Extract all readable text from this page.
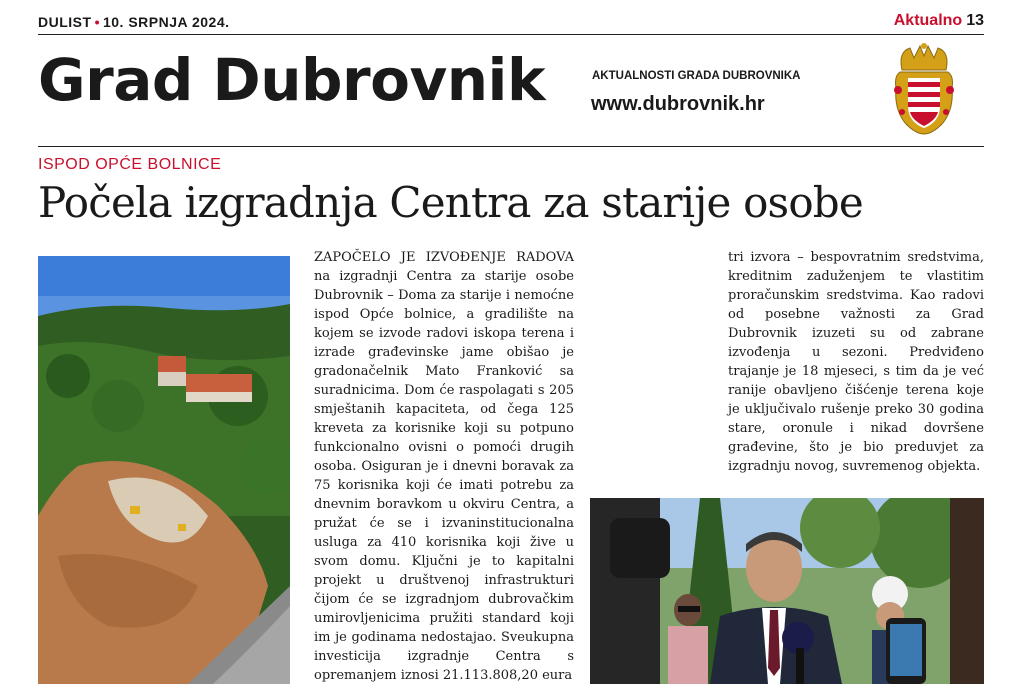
DULIST • 10. SRPNJA 2024.	Aktualno 13
Grad Dubrovnik	AKTUALNOSTI GRADA DUBROVNIKA
www.dubrovnik.hr
ISPOD OPĆE BOLNICE
Počela izgradnja Centra za starije osobe

ZAPOČELO JE IZVOĐENJE RADOVA na izgradnji Centra za starije osobe Dubrovnik – Doma za starije i nemoćne ispod Opće bolnice, a gradilište na kojem se izvode radovi iskopa terena i izrade građevinske jame obišao je gradonačelnik Mato Franković sa suradnicima. Dom će raspolagati s 205 smještanih kapaciteta, od čega 125 kreveta za korisnike koji su potpuno funkcionalno ovisni o pomoći drugih osoba. Osiguran je i dnevni boravak za 75 korisnika koji će imati potrebu za dnevnim boravkom u okviru Centra, a pružat će se i izvaninstitucionalna usluga za 410 korisnika koji žive u svom domu. Ključni je to kapitalni projekt u društvenoj infrastrukturi čijom će se izgradnjom dubrovačkim umirovljenicima pružiti standard koji im je godinama nedostajao. Sveukupna investicija izgradnje Centra s opremanjem iznosi 21.113.808,20 eura

tri izvora – bespovratnim sredstvima, kreditnim zaduženjem te vlastitim proračunskim sredstvima. Kao radovi od posebne važnosti za Grad Dubrovnik izuzeti su od zabrane izvođenja u sezoni. Predviđeno trajanje je 18 mjeseci, s tim da je već ranije obavljeno čišćenje terena koje je uključivalo rušenje preko 30 godina stare, oronule i nikad dovršene građevine, što je bio preduvjet za izgradnju novog, suvremenog objekta.
